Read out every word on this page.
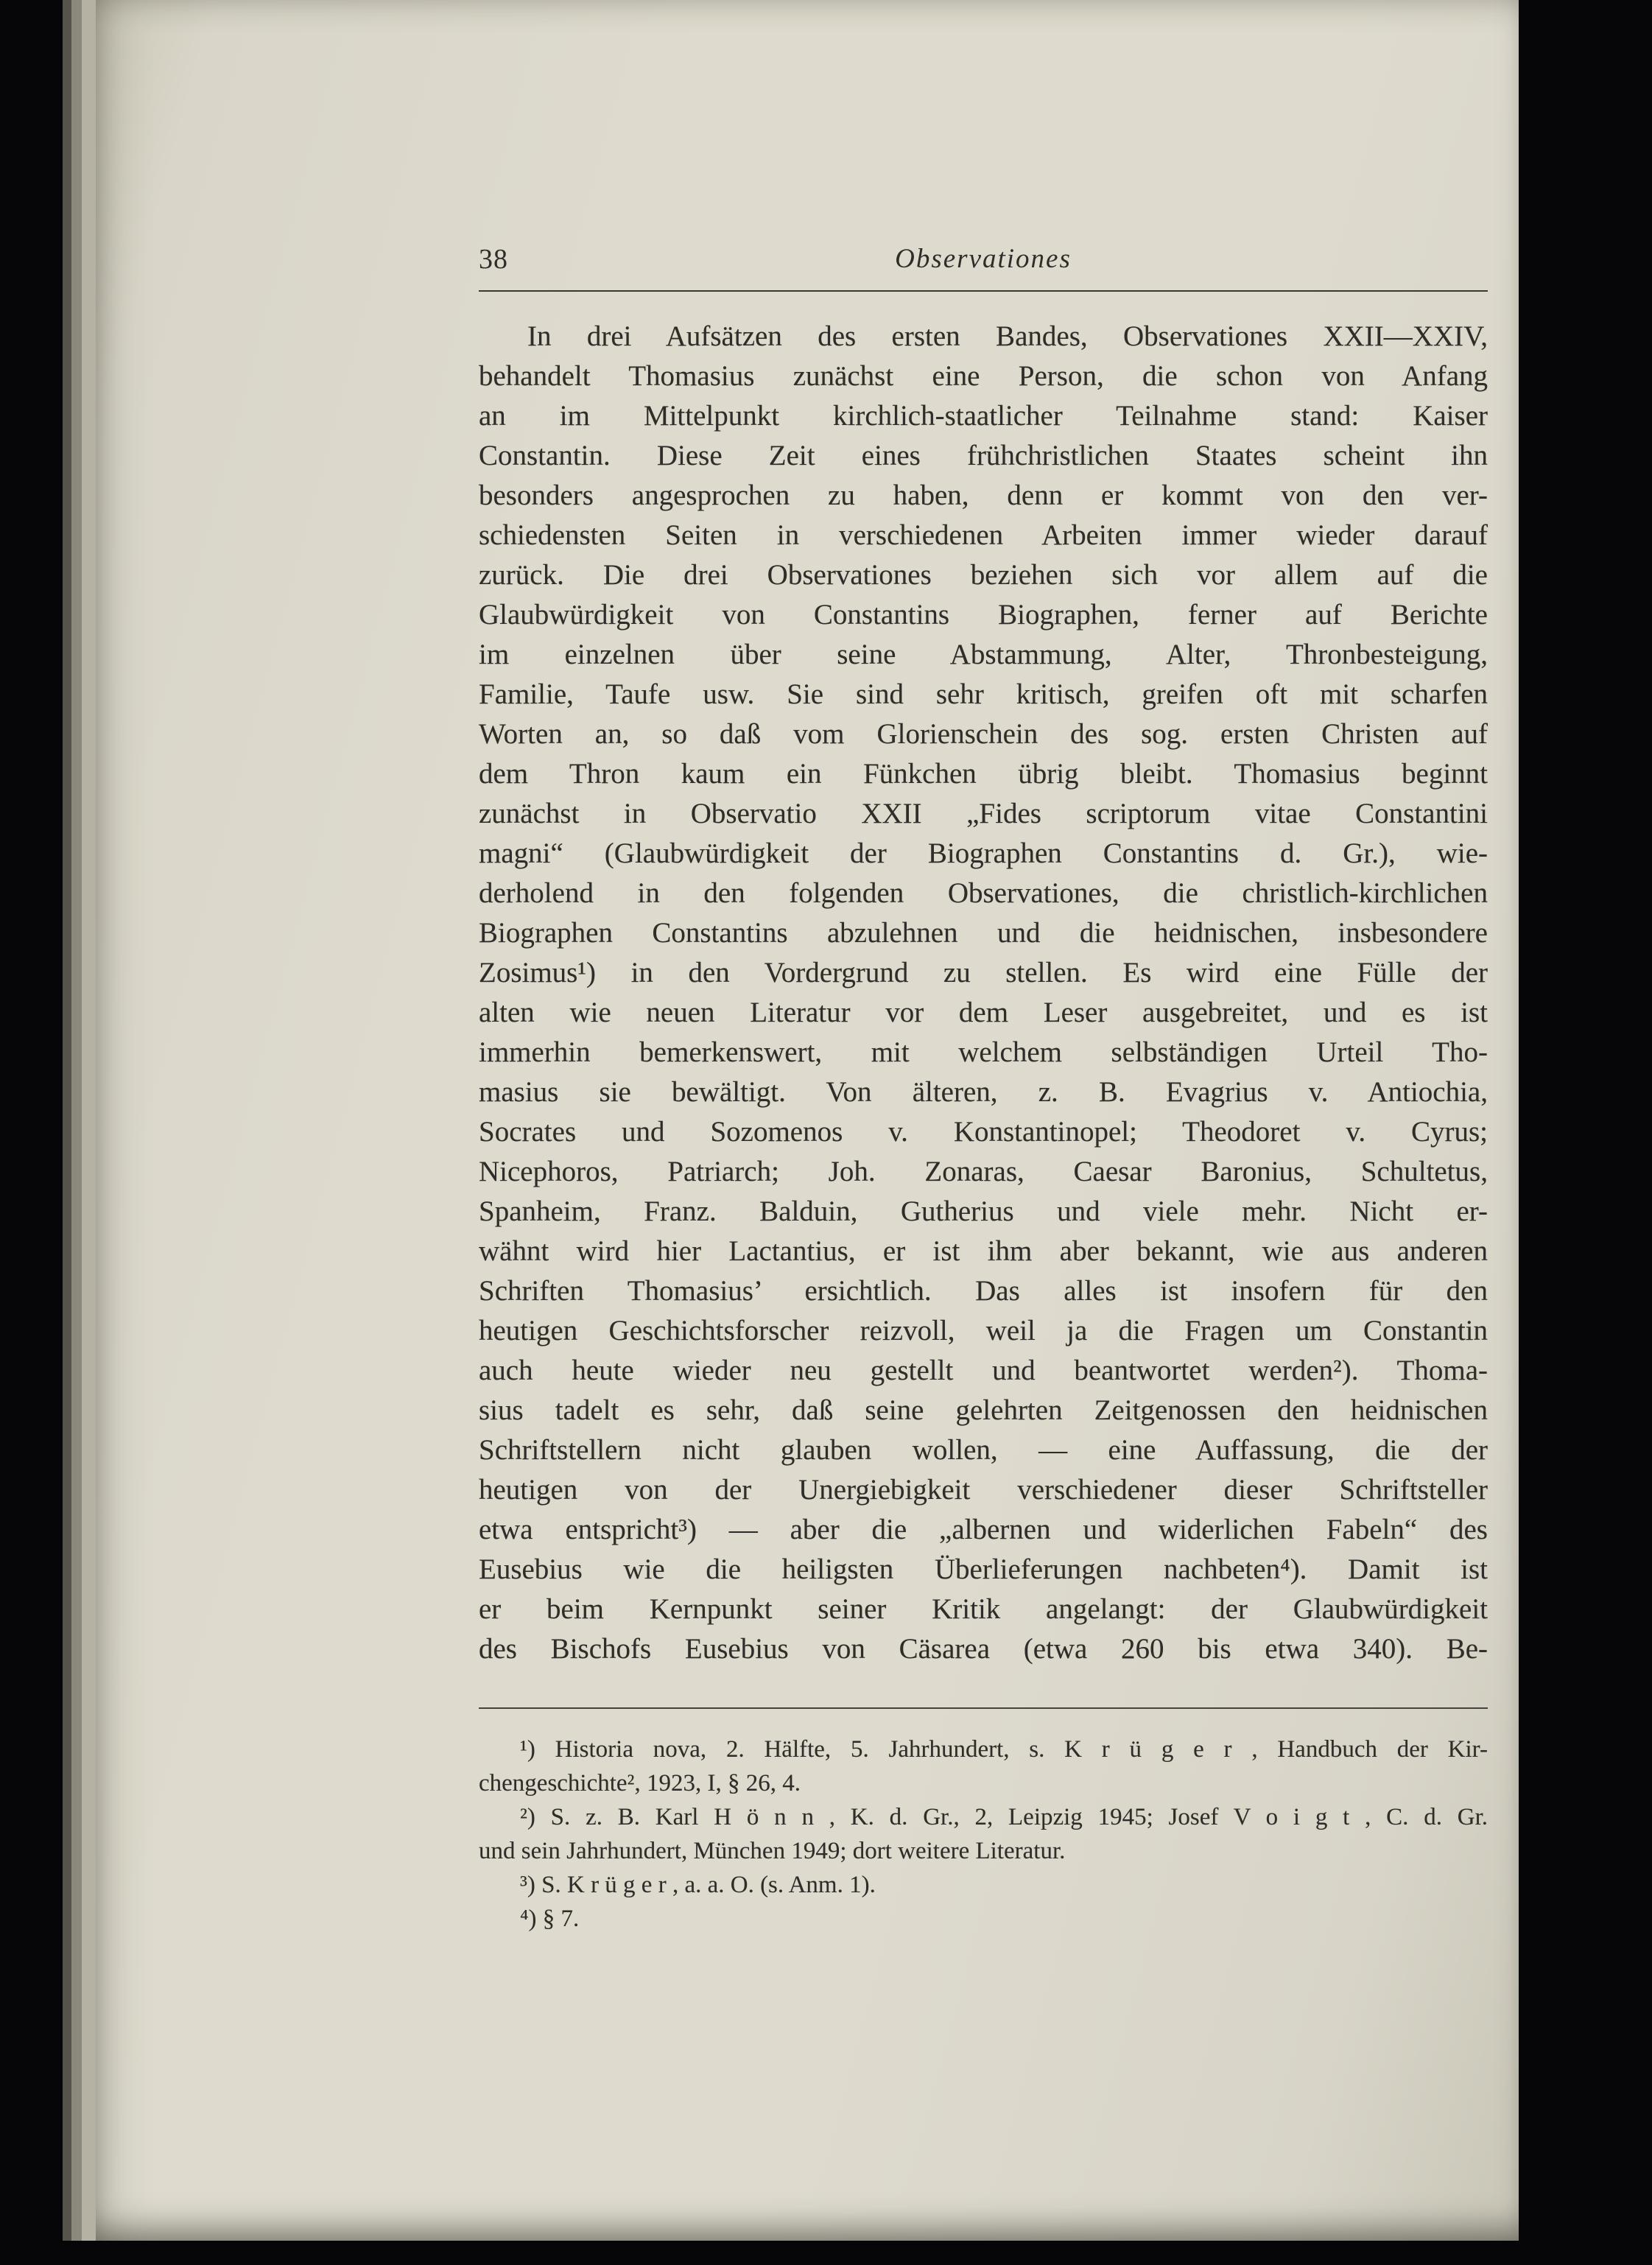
38	Observationes
In drei Aufsätzen des ersten Bandes, Observationes XXII—XXIV,
behandelt Thomasius zunächst eine Person, die schon von Anfang
an im Mittelpunkt kirchlich-staatlicher Teilnahme stand: Kaiser
Constantin. Diese Zeit eines frühchristlichen Staates scheint ihn
besonders angesprochen zu haben, denn er kommt von den ver-
schiedensten Seiten in verschiedenen Arbeiten immer wieder darauf
zurück. Die drei Observationes beziehen sich vor allem auf die
Glaubwürdigkeit von Constantins Biographen, ferner auf Berichte
im einzelnen über seine Abstammung, Alter, Thronbesteigung,
Familie, Taufe usw. Sie sind sehr kritisch, greifen oft mit scharfen
Worten an, so daß vom Glorienschein des sog. ersten Christen auf
dem Thron kaum ein Fünkchen übrig bleibt. Thomasius beginnt
zunächst in Observatio XXII „Fides scriptorum vitae Constantini
magni“ (Glaubwürdigkeit der Biographen Constantins d. Gr.), wie-
derholend in den folgenden Observationes, die christlich-kirchlichen
Biographen Constantins abzulehnen und die heidnischen, insbesondere
Zosimus¹) in den Vordergrund zu stellen. Es wird eine Fülle der
alten wie neuen Literatur vor dem Leser ausgebreitet, und es ist
immerhin bemerkenswert, mit welchem selbständigen Urteil Tho-
masius sie bewältigt. Von älteren, z. B. Evagrius v. Antiochia,
Socrates und Sozomenos v. Konstantinopel; Theodoret v. Cyrus;
Nicephoros, Patriarch; Joh. Zonaras, Caesar Baronius, Schultetus,
Spanheim, Franz. Balduin, Gutherius und viele mehr. Nicht er-
wähnt wird hier Lactantius, er ist ihm aber bekannt, wie aus anderen
Schriften Thomasius’ ersichtlich. Das alles ist insofern für den
heutigen Geschichtsforscher reizvoll, weil ja die Fragen um Constantin
auch heute wieder neu gestellt und beantwortet werden²). Thoma-
sius tadelt es sehr, daß seine gelehrten Zeitgenossen den heidnischen
Schriftstellern nicht glauben wollen, — eine Auffassung, die der
heutigen von der Unergiebigkeit verschiedener dieser Schriftsteller
etwa entspricht³) — aber die „albernen und widerlichen Fabeln“ des
Eusebius wie die heiligsten Überlieferungen nachbeten⁴). Damit ist
er beim Kernpunkt seiner Kritik angelangt: der Glaubwürdigkeit
des Bischofs Eusebius von Cäsarea (etwa 260 bis etwa 340). Be-
¹) Historia nova, 2. Hälfte, 5. Jahrhundert, s. K r ü g e r , Handbuch der Kir-
chengeschichte², 1923, I, § 26, 4.
²) S. z. B. Karl H ö n n , K. d. Gr., 2, Leipzig 1945; Josef V o i g t , C. d. Gr.
und sein Jahrhundert, München 1949; dort weitere Literatur.
³) S. K r ü g e r , a. a. O. (s. Anm. 1).
⁴) § 7.
